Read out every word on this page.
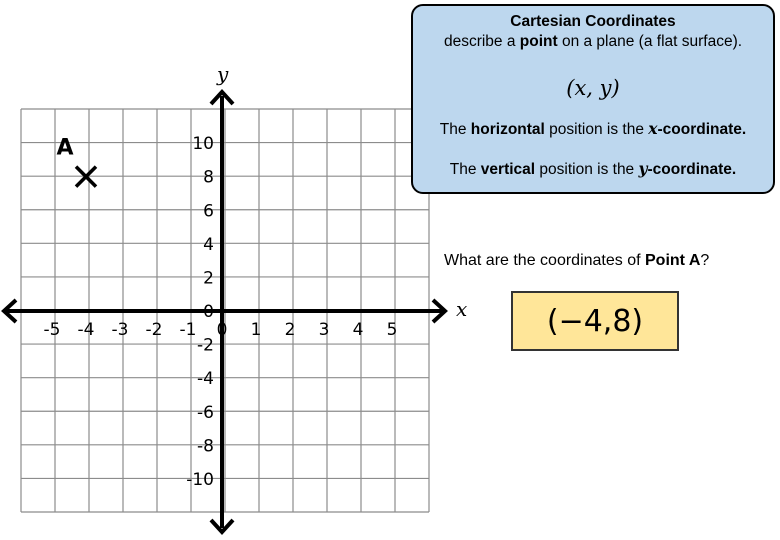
-5 -4 -3 -2 -1 0 1 2 3 4 5
10
8
6
4
2
0
-2
-4
-6
-8
-10
x
y
A
Cartesian Coordinates
describe a point on a plane (a flat surface).
(x, y)
The horizontal position is the x-coordinate.
The vertical position is the y-coordinate.
What are the coordinates of Point A?
(−4,8)
